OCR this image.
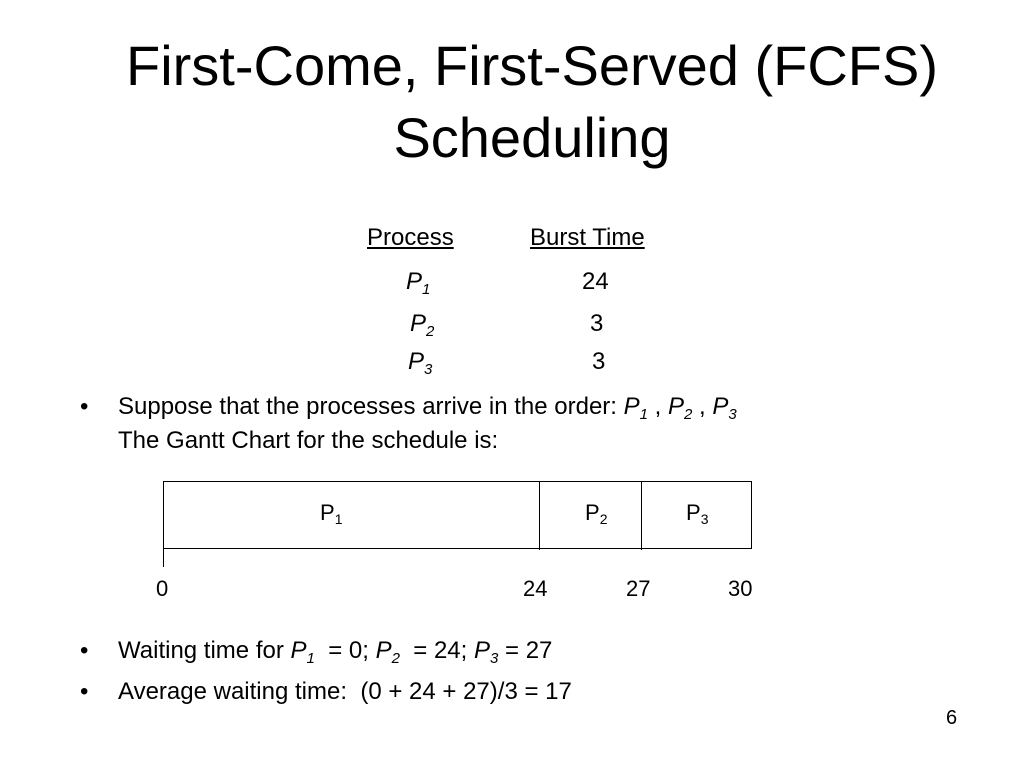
First-Come, First-Served (FCFS)
Scheduling
Process	Burst Time
$P_1$	24
$P_2$	3
$P_3$	3
• Suppose that the processes arrive in the order: $P_1$ , $P_2$ , $P_3$
The Gantt Chart for the schedule is:
P1	P2	P3
0	24	27	30
• Waiting time for $P_1 = 0$; $P_2 = 24$; $P_3 = 27$
• Average waiting time:  (0 + 24 + 27)/3 = 17
6
